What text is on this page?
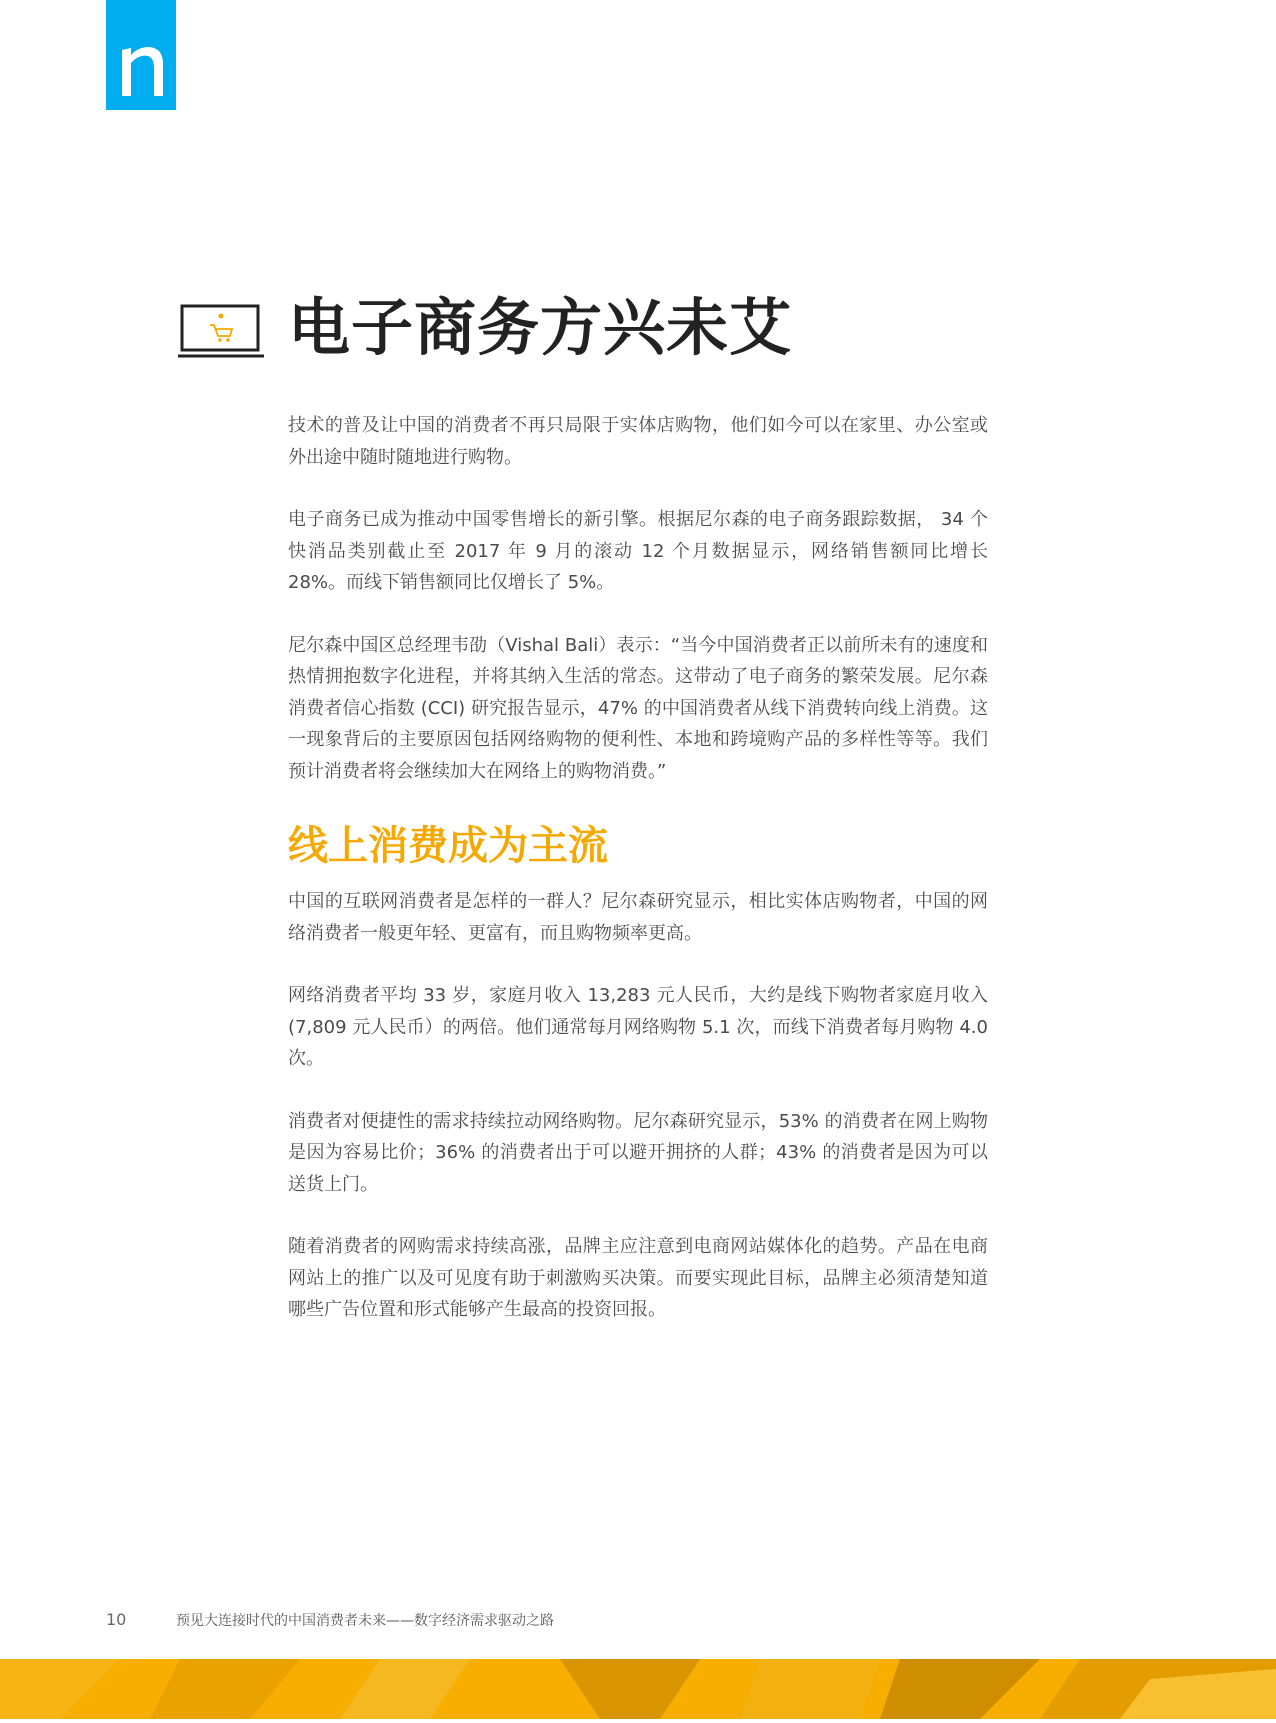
电子商务方兴未艾

技术的普及让中国的消费者不再只局限于实体店购物，他们如今可以在家里、办公室或外出途中随时随地进行购物。

电子商务已成为推动中国零售增长的新引擎。根据尼尔森的电子商务跟踪数据， 34 个快消品类别截止至 2017 年 9 月的滚动 12 个月数据显示，网络销售额同比增长 28%。而线下销售额同比仅增长了 5%。

尼尔森中国区总经理韦劭（Vishal Bali）表示：“当今中国消费者正以前所未有的速度和热情拥抱数字化进程，并将其纳入生活的常态。这带动了电子商务的繁荣发展。尼尔森消费者信心指数 (CCI) 研究报告显示，47% 的中国消费者从线下消费转向线上消费。这一现象背后的主要原因包括网络购物的便利性、本地和跨境购产品的多样性等等。我们预计消费者将会继续加大在网络上的购物消费。”

线上消费成为主流

中国的互联网消费者是怎样的一群人？尼尔森研究显示，相比实体店购物者，中国的网络消费者一般更年轻、更富有，而且购物频率更高。

网络消费者平均 33 岁，家庭月收入 13,283 元人民币，大约是线下购物者家庭月收入 (7,809 元人民币）的两倍。他们通常每月网络购物 5.1 次，而线下消费者每月购物 4.0 次。

消费者对便捷性的需求持续拉动网络购物。尼尔森研究显示，53% 的消费者在网上购物是因为容易比价；36% 的消费者出于可以避开拥挤的人群；43% 的消费者是因为可以送货上门。

随着消费者的网购需求持续高涨，品牌主应注意到电商网站媒体化的趋势。产品在电商网站上的推广以及可见度有助于刺激购买决策。而要实现此目标，品牌主必须清楚知道哪些广告位置和形式能够产生最高的投资回报。

10	预见大连接时代的中国消费者未来——数字经济需求驱动之路
